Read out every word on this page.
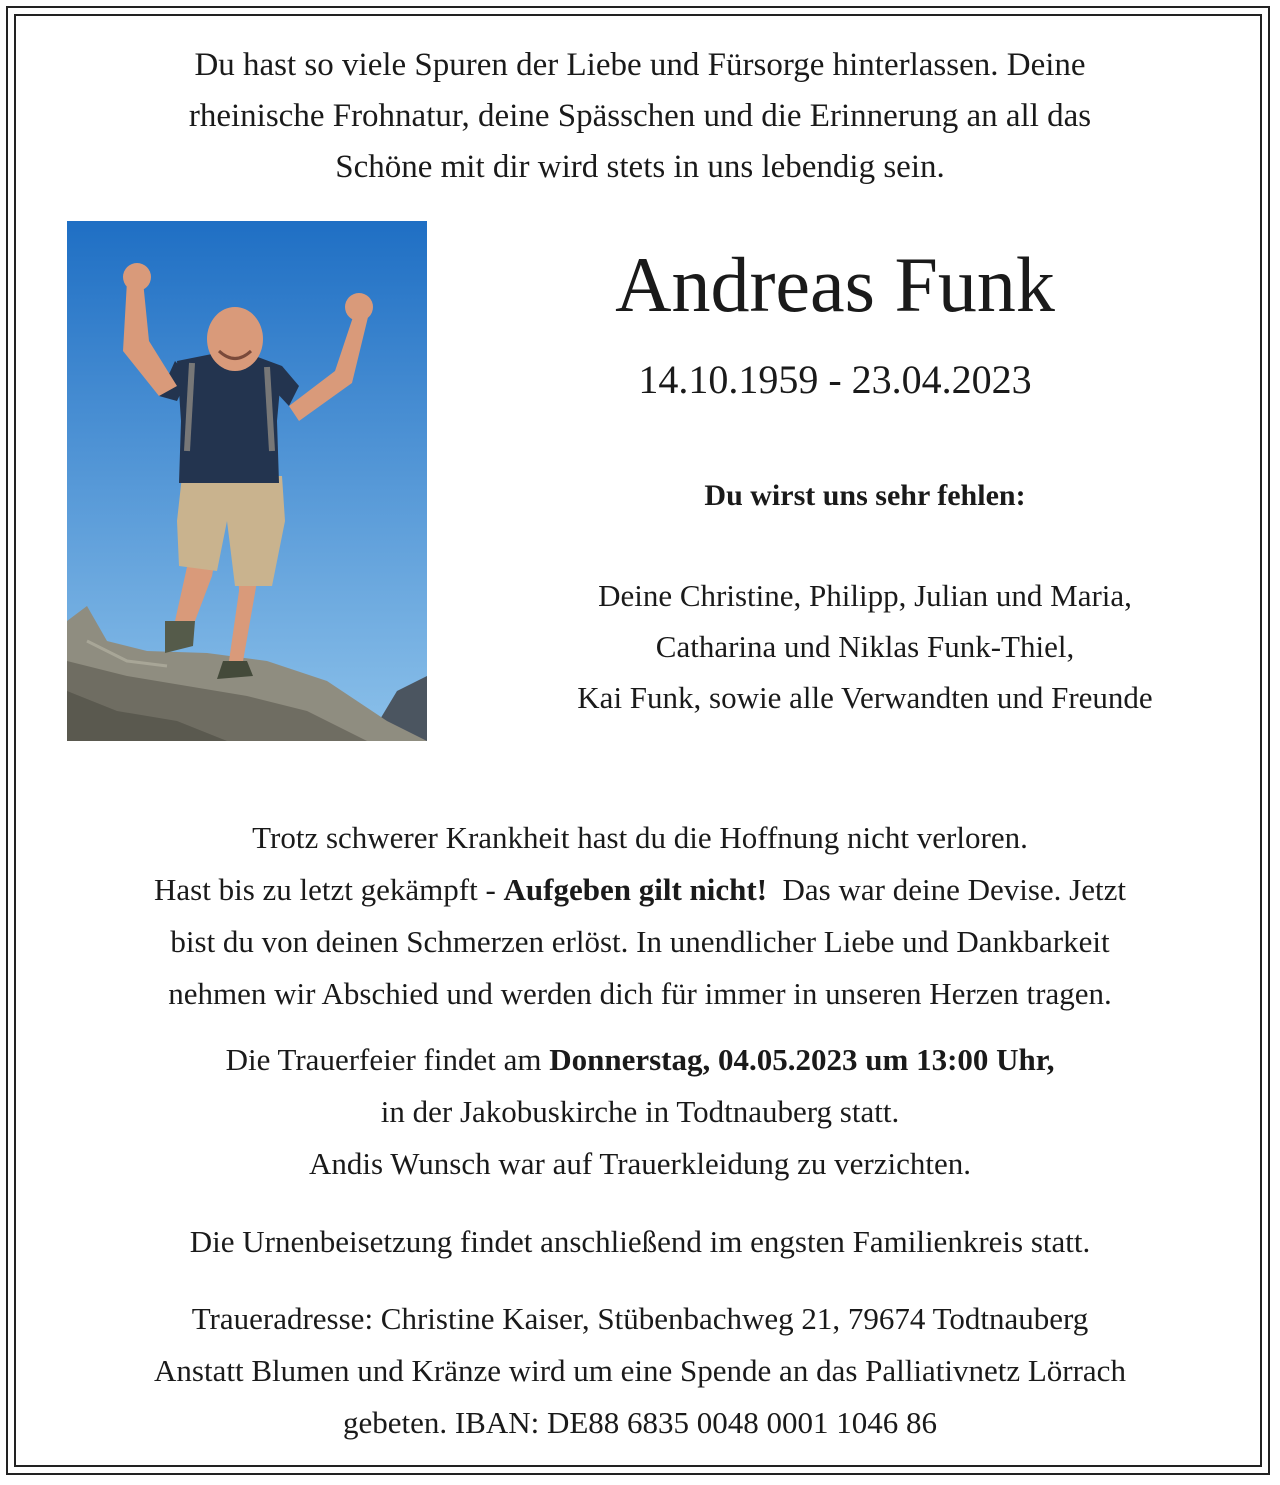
Du hast so viele Spuren der Liebe und Fürsorge hinterlassen. Deine

rheinische Frohnatur, deine Spässchen und die Erinnerung an all das

Schöne mit dir wird stets in uns lebendig sein.

Andreas Funk
14.10.1959 - 23.04.2023
Du wirst uns sehr fehlen:

Deine Christine, Philipp, Julian und Maria,

Catharina und Niklas Funk-Thiel,

Kai Funk, sowie alle Verwandten und Freunde

Trotz schwerer Krankheit hast du die Hoffnung nicht verloren.

Hast bis zu letzt gekämpft - Aufgeben gilt nicht!  Das war deine Devise. Jetzt

bist du von deinen Schmerzen erlöst. In unendlicher Liebe und Dankbarkeit

nehmen wir Abschied und werden dich für immer in unseren Herzen tragen.

Die Trauerfeier findet am Donnerstag, 04.05.2023 um 13:00 Uhr,

in der Jakobuskirche in Todtnauberg statt.

Andis Wunsch war auf Trauerkleidung zu verzichten.

Die Urnenbeisetzung findet anschließend im engsten Familienkreis statt.

Traueradresse: Christine Kaiser, Stübenbachweg 21, 79674 Todtnauberg

Anstatt Blumen und Kränze wird um eine Spende an das Palliativnetz Lörrach

gebeten. IBAN: DE88 6835 0048 0001 1046 86
